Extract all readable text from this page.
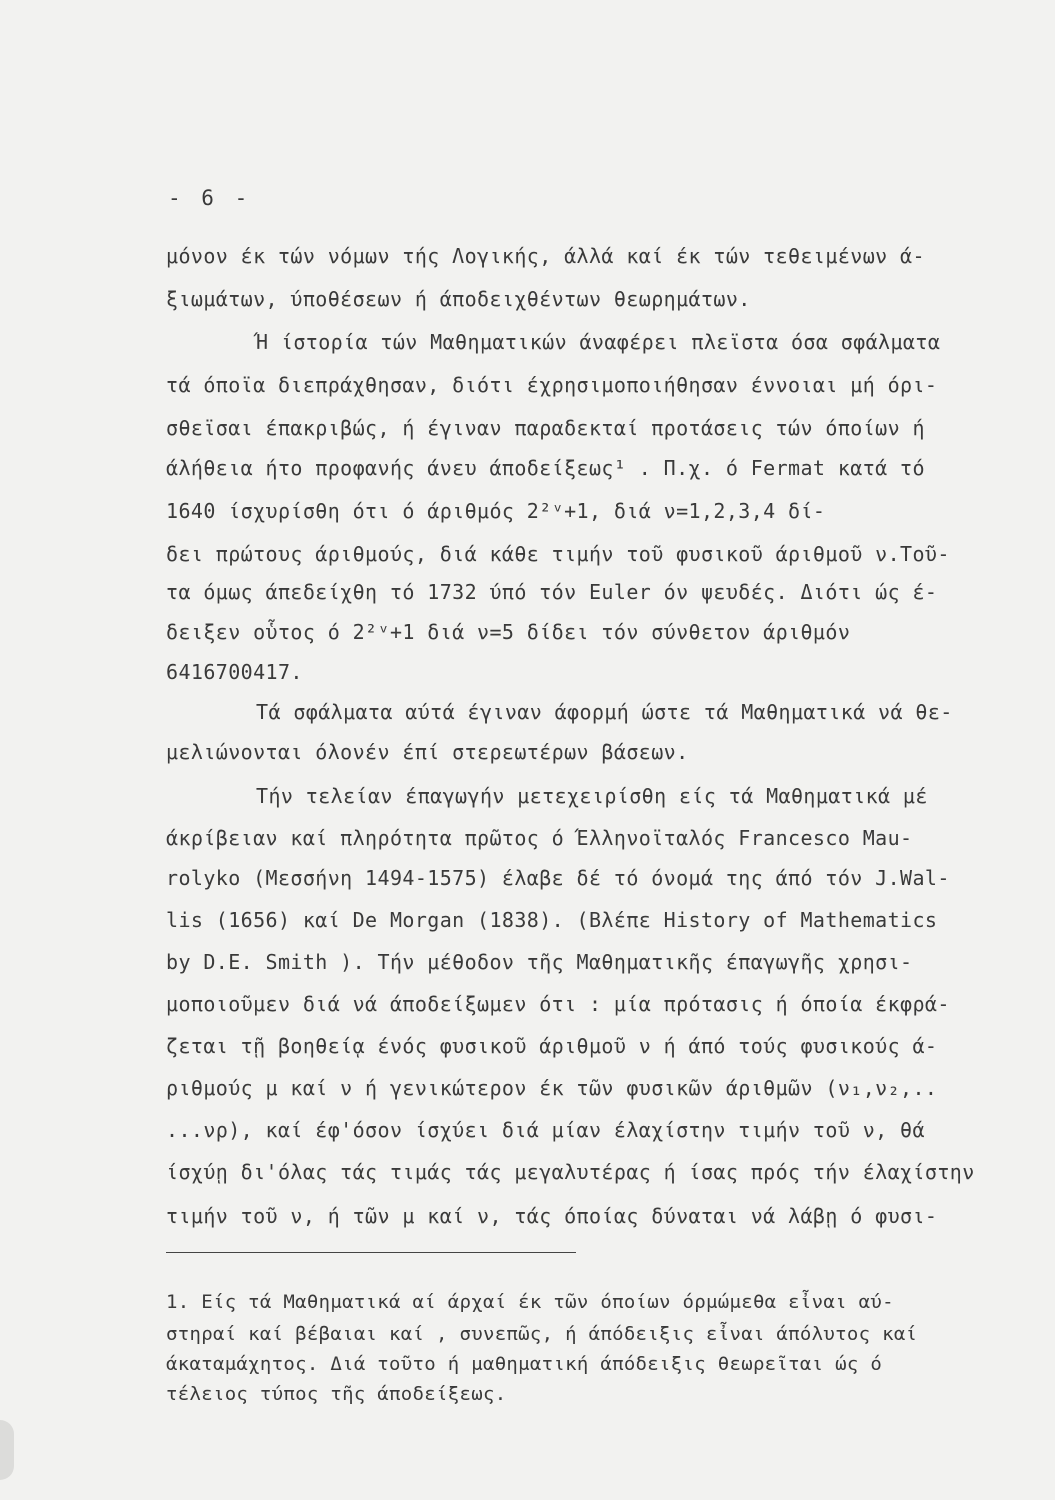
- 6 -
μόνον έκ τών νόμων τής Λογικής, άλλά καί έκ τών τεθειμένων ά-
ξιωμάτων, ύποθέσεων ή άποδειχθέντων θεωρημάτων.
Ή ίστορία τών Μαθηματικών άναφέρει πλεϊστα όσα σφάλματα
τά όποϊα διεπράχθησαν, διότι έχρησιμοποιήθησαν έννοιαι μή όρι-
σθεϊσαι έπακριβώς, ή έγιναν παραδεκταί προτάσεις τών όποίων ή
άλήθεια ήτο προφανής άνευ άποδείξεως¹ . Π.χ. ό Fermat κατά τό
1640 ίσχυρίσθη ότι ό άριθμός 2²ᵛ+1, διά ν=1,2,3,4 δί-
δει πρώτους άριθμούς, διά κάθε τιμήν τοῦ φυσικοῦ άριθμοῦ ν.Τοῦ-
τα όμως άπεδείχθη τό 1732 ύπό τόν Euler όν ψευδές. Διότι ώς έ-
δειξεν οὗτος ό 2²ᵛ+1 διά ν=5 δίδει τόν σύνθετον άριθμόν
6416700417.
Τά σφάλματα αύτά έγιναν άφορμή ώστε τά Μαθηματικά νά θε-
μελιώνονται όλονέν έπί στερεωτέρων βάσεων.
Τήν τελείαν έπαγωγήν μετεχειρίσθη είς τά Μαθηματικά μέ
άκρίβειαν καί πληρότητα πρῶτος ό Έλληνοϊταλός Francesco Mau-
rolyko (Μεσσήνη 1494-1575) έλαβε δέ τό όνομά της άπό τόν J.Wal-
lis (1656) καί De Morgan (1838). (Βλέπε History of Mathematics
by D.E. Smith ). Τήν μέθοδον τῆς Μαθηματικῆς έπαγωγῆς χρησι-
μοποιοῦμεν διά νά άποδείξωμεν ότι : μία πρότασις ή όποία έκφρά-
ζεται τῇ βοηθείᾳ ένός φυσικοῦ άριθμοῦ ν ή άπό τούς φυσικούς ά-
ριθμούς μ καί ν ή γενικώτερον έκ τῶν φυσικῶν άριθμῶν (ν₁,ν₂,..
...νρ), καί έφ'όσον ίσχύει διά μίαν έλαχίστην τιμήν τοῦ ν, θά
ίσχύῃ δι'όλας τάς τιμάς τάς μεγαλυτέρας ή ίσας πρός τήν έλαχίστην
τιμήν τοῦ ν, ή τῶν μ καί ν, τάς όποίας δύναται νά λάβῃ ό φυσι-
1. Είς τά Μαθηματικά αί άρχαί έκ τῶν όποίων όρμώμεθα εἶναι αύ-
στηραί καί βέβαιαι καί , συνεπῶς, ή άπόδειξις εἶναι άπόλυτος καί
άκαταμάχητος. Διά τοῦτο ή μαθηματική άπόδειξις θεωρεῖται ώς ό
τέλειος τύπος τῆς άποδείξεως.
